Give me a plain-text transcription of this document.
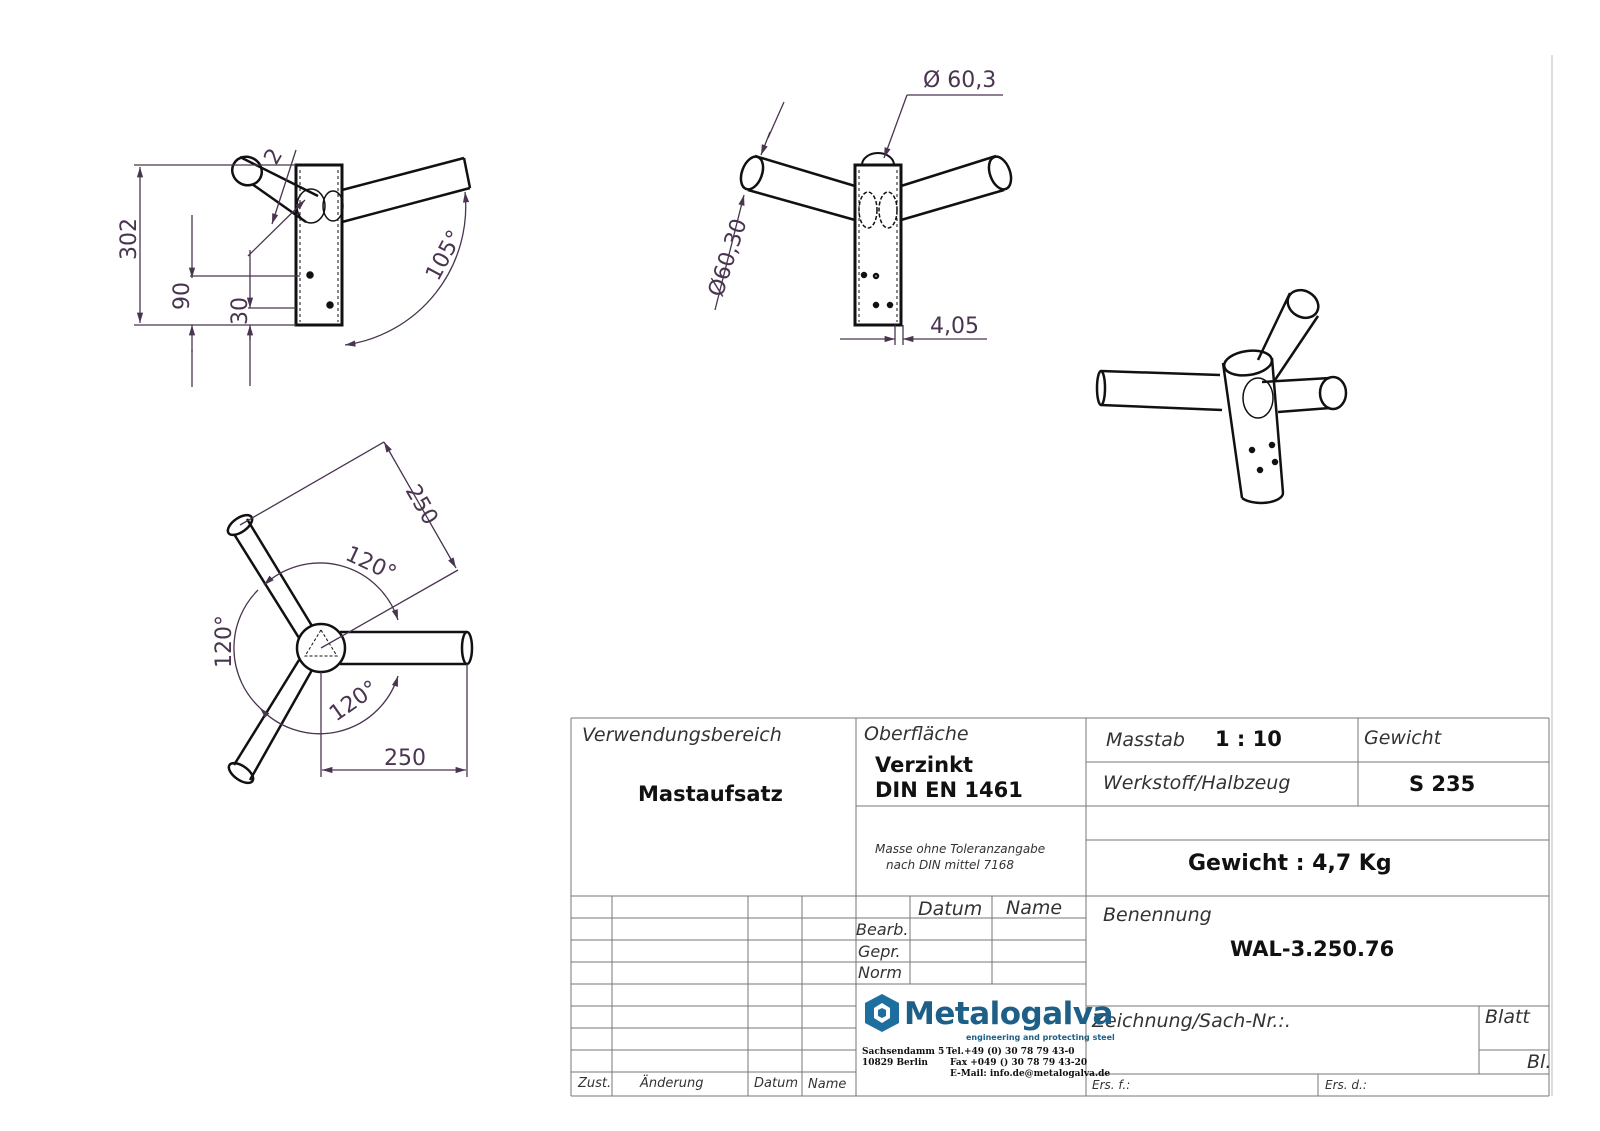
302
90
30
2
105°
Ø 60,3
Ø60,30
4,05
250
250
120°
120°
120°
Verwendungsbereich
Mastaufsatz
Oberfläche
Verzinkt
DIN EN 1461
Masse ohne Toleranzangabe
nach DIN mittel 7168
Masstab 1 : 10	Gewicht
Werkstoff/Halbzeug	S 235
Gewicht : 4,7 Kg
Datum Name
Bearb.
Gepr.
Norm
Benennung
WAL-3.250.76
Zeichnung/Sach-Nr.:.	Blatt
Bl.
Zust. Änderung	Datum Name	Ers. f.:	Ers. d.:
Metalogalva
engineering and protecting steel
Sachsendamm 5
10829 Berlin
Tel.+49 (0) 30 78 79 43-0
Fax +049 () 30 78 79 43-20
E-Mail: info.de@metalogalva.de
